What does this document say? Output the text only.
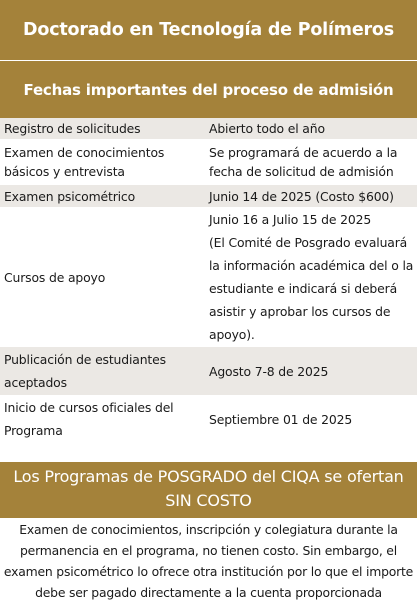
Doctorado en Tecnología de Polímeros
Fechas importantes del proceso de admisión
Registro de solicitudes	Abierto todo el año
Examen de conocimientos básicos y entrevista	Se programará de acuerdo a la fecha de solicitud de admisión
Examen psicométrico	Junio 14 de 2025 (Costo $600)
Cursos de apoyo	Junio 16 a Julio 15 de 2025
(El Comité de Posgrado evaluará la información académica del o la estudiante e indicará si deberá asistir y aprobar los cursos de apoyo).

Publicación de estudiantes aceptados	Agosto 7-8 de 2025
Inicio de cursos oficiales del Programa	Septiembre 01 de 2025
Los Programas de POSGRADO del CIQA se ofertan SIN COSTO
Examen de conocimientos, inscripción y colegiatura durante la permanencia en el programa, no tienen costo. Sin embargo, el examen psicométrico lo ofrece otra institución por lo que el importe debe ser pagado directamente a la cuenta proporcionada
